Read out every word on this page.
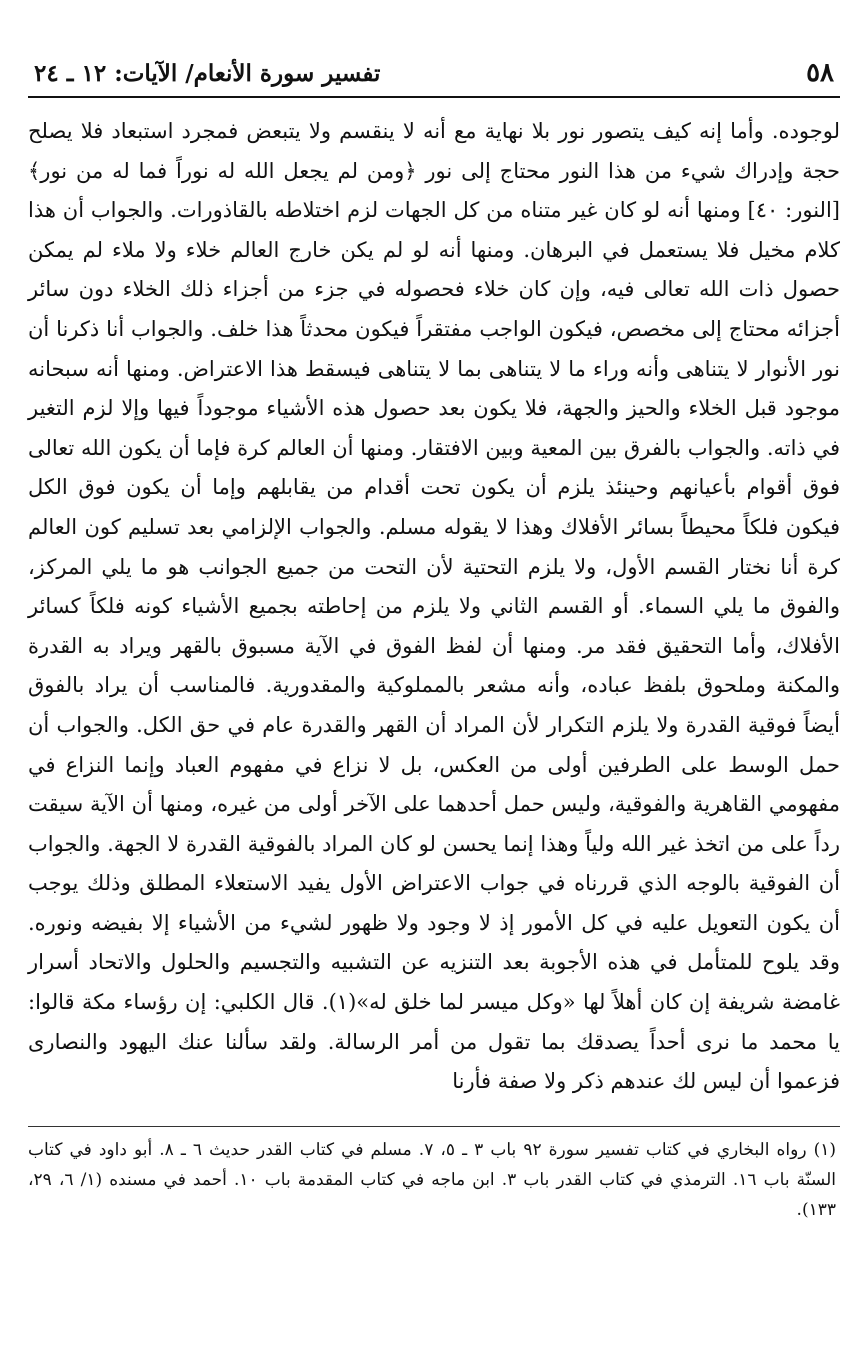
٥٨
تفسير سورة الأنعام/ الآيات: ١٢ ـ ٢٤

لوجوده. وأما إنه كيف يتصور نور بلا نهاية مع أنه لا ينقسم ولا يتبعض فمجرد استبعاد فلا يصلح حجة وإدراك شيء من هذا النور محتاج إلى نور ﴿ومن لم يجعل الله له نوراً فما له من نور﴾ [النور: ٤٠] ومنها أنه لو كان غير متناه من كل الجهات لزم اختلاطه بالقاذورات. والجواب أن هذا كلام مخيل فلا يستعمل في البرهان. ومنها أنه لو لم يكن خارج العالم خلاء ولا ملاء لم يمكن حصول ذات الله تعالى فيه، وإن كان خلاء فحصوله في جزء من أجزاء ذلك الخلاء دون سائر أجزائه محتاج إلى مخصص، فيكون الواجب مفتقراً فيكون محدثاً هذا خلف. والجواب أنا ذكرنا أن نور الأنوار لا يتناهى وأنه وراء ما لا يتناهى بما لا يتناهى فيسقط هذا الاعتراض. ومنها أنه سبحانه موجود قبل الخلاء والحيز والجهة، فلا يكون بعد حصول هذه الأشياء موجوداً فيها وإلا لزم التغير في ذاته. والجواب بالفرق بين المعية وبين الافتقار. ومنها أن العالم كرة فإما أن يكون الله تعالى فوق أقوام بأعيانهم وحينئذ يلزم أن يكون تحت أقدام من يقابلهم وإما أن يكون فوق الكل فيكون فلكاً محيطاً بسائر الأفلاك وهذا لا يقوله مسلم. والجواب الإلزامي بعد تسليم كون العالم كرة أنا نختار القسم الأول، ولا يلزم التحتية لأن التحت من جميع الجوانب هو ما يلي المركز، والفوق ما يلي السماء. أو القسم الثاني ولا يلزم من إحاطته بجميع الأشياء كونه فلكاً كسائر الأفلاك، وأما التحقيق فقد مر. ومنها أن لفظ الفوق في الآية مسبوق بالقهر ويراد به القدرة والمكنة وملحوق بلفظ عباده، وأنه مشعر بالمملوكية والمقدورية. فالمناسب أن يراد بالفوق أيضاً فوقية القدرة ولا يلزم التكرار لأن المراد أن القهر والقدرة عام في حق الكل. والجواب أن حمل الوسط على الطرفين أولى من العكس، بل لا نزاع في مفهوم العباد وإنما النزاع في مفهومي القاهرية والفوقية، وليس حمل أحدهما على الآخر أولى من غيره، ومنها أن الآية سيقت رداً على من اتخذ غير الله ولياً وهذا إنما يحسن لو كان المراد بالفوقية القدرة لا الجهة. والجواب أن الفوقية بالوجه الذي قررناه في جواب الاعتراض الأول يفيد الاستعلاء المطلق وذلك يوجب أن يكون التعويل عليه في كل الأمور إذ لا وجود ولا ظهور لشيء من الأشياء إلا بفيضه ونوره. وقد يلوح للمتأمل في هذه الأجوبة بعد التنزيه عن التشبيه والتجسيم والحلول والاتحاد أسرار غامضة شريفة إن كان أهلاً لها «وكل ميسر لما خلق له»(١). قال الكلبي: إن رؤساء مكة قالوا: يا محمد ما نرى أحداً يصدقك بما تقول من أمر الرسالة. ولقد سألنا عنك اليهود والنصارى فزعموا أن ليس لك عندهم ذكر ولا صفة فأرنا

(١) رواه البخاري في كتاب تفسير سورة ٩٢ باب ٣ ـ ٥، ٧. مسلم في كتاب القدر حديث ٦ ـ ٨. أبو داود في كتاب السنّة باب ١٦. الترمذي في كتاب القدر باب ٣. ابن ماجه في كتاب المقدمة باب ١٠. أحمد في مسنده (١/ ٦، ٢٩، ١٣٣).
